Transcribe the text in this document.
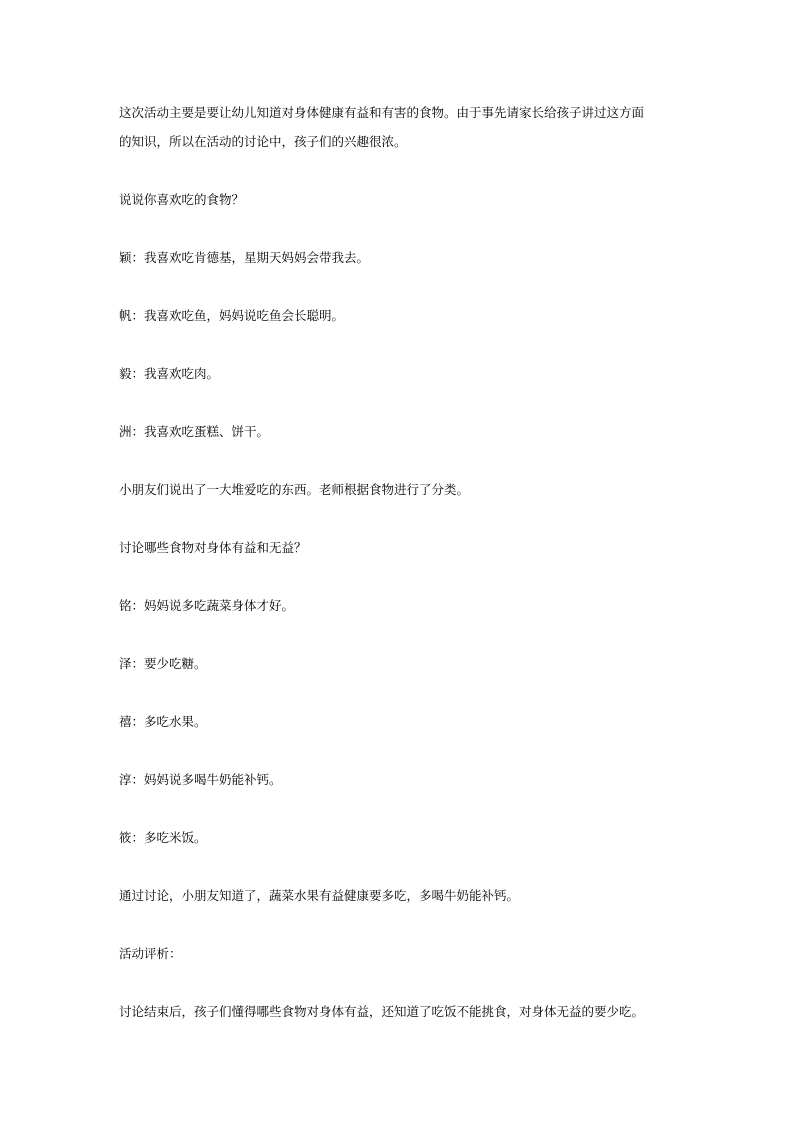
这次活动主要是要让幼儿知道对身体健康有益和有害的食物。由于事先请家长给孩子讲过这方面

的知识，所以在活动的讨论中，孩子们的兴趣很浓。

说说你喜欢吃的食物？

颖：我喜欢吃肯德基，星期天妈妈会带我去。

帆：我喜欢吃鱼，妈妈说吃鱼会长聪明。

毅：我喜欢吃肉。

洲：我喜欢吃蛋糕、饼干。

小朋友们说出了一大堆爱吃的东西。老师根据食物进行了分类。

讨论哪些食物对身体有益和无益？

铭：妈妈说多吃蔬菜身体才好。

泽：要少吃糖。

禧：多吃水果。

淳：妈妈说多喝牛奶能补钙。

筱：多吃米饭。

通过讨论，小朋友知道了，蔬菜水果有益健康要多吃，多喝牛奶能补钙。

活动评析：

讨论结束后，孩子们懂得哪些食物对身体有益，还知道了吃饭不能挑食，对身体无益的要少吃。
